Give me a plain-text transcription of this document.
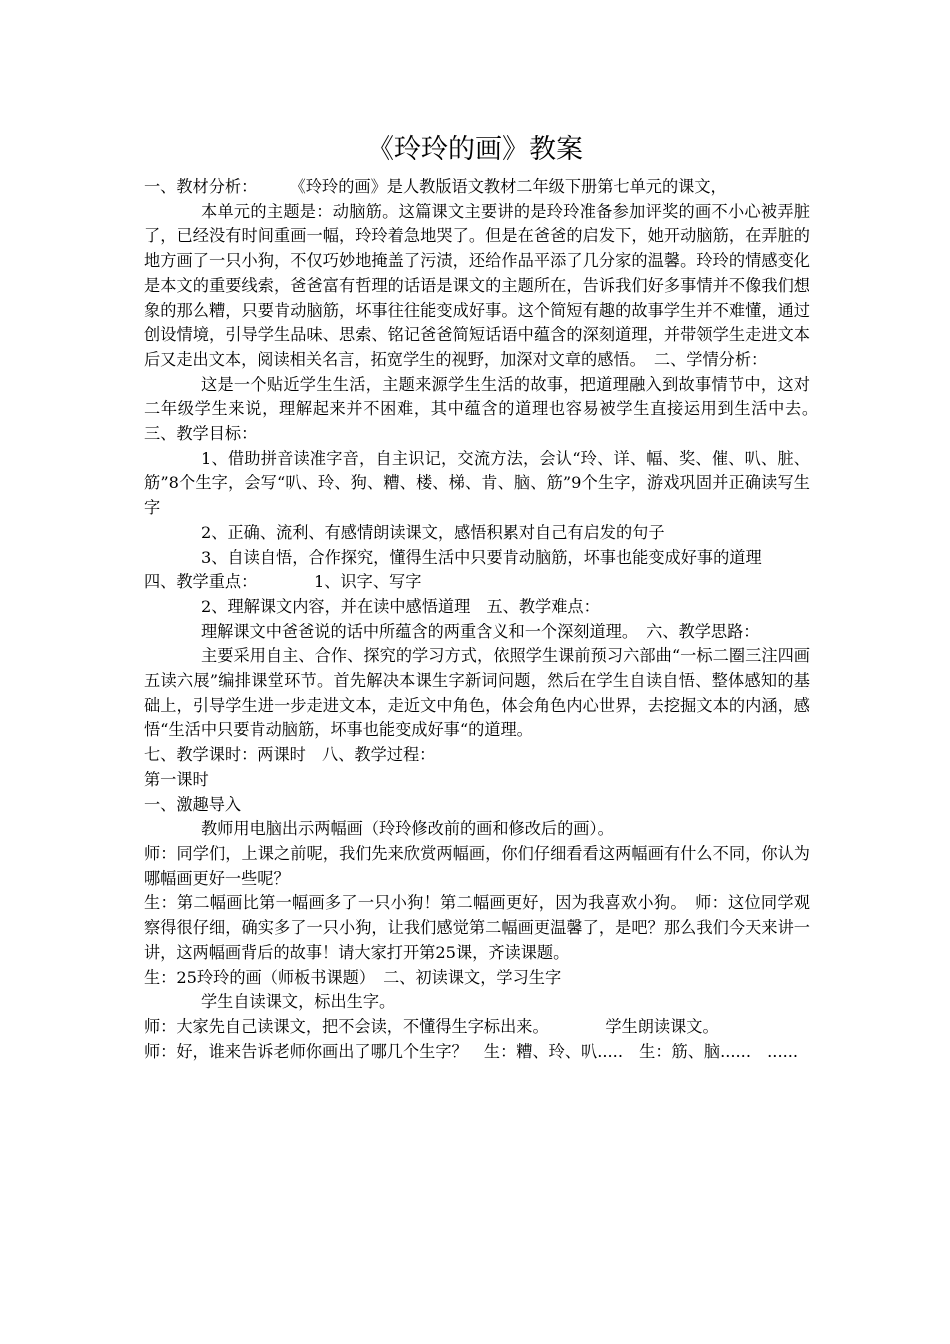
《玲玲的画》教案

一、教材分析：　　　《玲玲的画》是人教版语文教材二年级下册第七单元的课文，

本单元的主题是：动脑筋。这篇课文主要讲的是玲玲准备参加评奖的画不小心被弄脏了，已经没有时间重画一幅，玲玲着急地哭了。但是在爸爸的启发下，她开动脑筋，在弄脏的地方画了一只小狗，不仅巧妙地掩盖了污渍，还给作品平添了几分家的温馨。玲玲的情感变化是本文的重要线索，爸爸富有哲理的话语是课文的主题所在，告诉我们好多事情并不像我们想象的那么糟，只要肯动脑筋，坏事往往能变成好事。这个简短有趣的故事学生并不难懂，通过创设情境，引导学生品味、思索、铭记爸爸简短话语中蕴含的深刻道理，并带领学生走进文本后又走出文本，阅读相关名言，拓宽学生的视野，加深对文章的感悟。　二、学情分析：

这是一个贴近学生生活，主题来源学生生活的故事，把道理融入到故事情节中，这对二年级学生来说，理解起来并不困难，其中蕴含的道理也容易被学生直接运用到生活中去。　三、教学目标：

1、借助拼音读准字音，自主识记，交流方法，会认“玲、详、幅、奖、催、叭、脏、筋”8个生字，会写“叭、玲、狗、糟、楼、梯、肯、脑、筋”9个生字，游戏巩固并正确读写生字

2、正确、流利、有感情朗读课文，感悟积累对自己有启发的句子

3、自读自悟，合作探究，懂得生活中只要肯动脑筋，坏事也能变成好事的道理

四、教学重点：　　　　1、识字、写字

2、理解课文内容，并在读中感悟道理　五、教学难点：

理解课文中爸爸说的话中所蕴含的两重含义和一个深刻道理。　六、教学思路：

主要采用自主、合作、探究的学习方式，依照学生课前预习六部曲“一标二圈三注四画五读六展”编排课堂环节。首先解决本课生字新词问题，然后在学生自读自悟、整体感知的基础上，引导学生进一步走进文本，走近文中角色，体会角色内心世界，去挖掘文本的内涵，感悟“生活中只要肯动脑筋，坏事也能变成好事“的道理。

七、教学课时：两课时　八、教学过程：

第一课时

一、激趣导入

教师用电脑出示两幅画（玲玲修改前的画和修改后的画）。

师：同学们，上课之前呢，我们先来欣赏两幅画，你们仔细看看这两幅画有什么不同，你认为哪幅画更好一些呢？

生：第二幅画比第一幅画多了一只小狗！第二幅画更好，因为我喜欢小狗。　师：这位同学观察得很仔细，确实多了一只小狗，让我们感觉第二幅画更温馨了，是吧？那么我们今天来讲一讲，这两幅画背后的故事！请大家打开第25课，齐读课题。

生：25玲玲的画（师板书课题）　二、初读课文，学习生字

学生自读课文，标出生字。

师：大家先自己读课文，把不会读，不懂得生字标出来。　　　　学生朗读课文。

师：好，谁来告诉老师你画出了哪几个生字？　生：糟、玲、叭.....　生：筋、脑......　......
